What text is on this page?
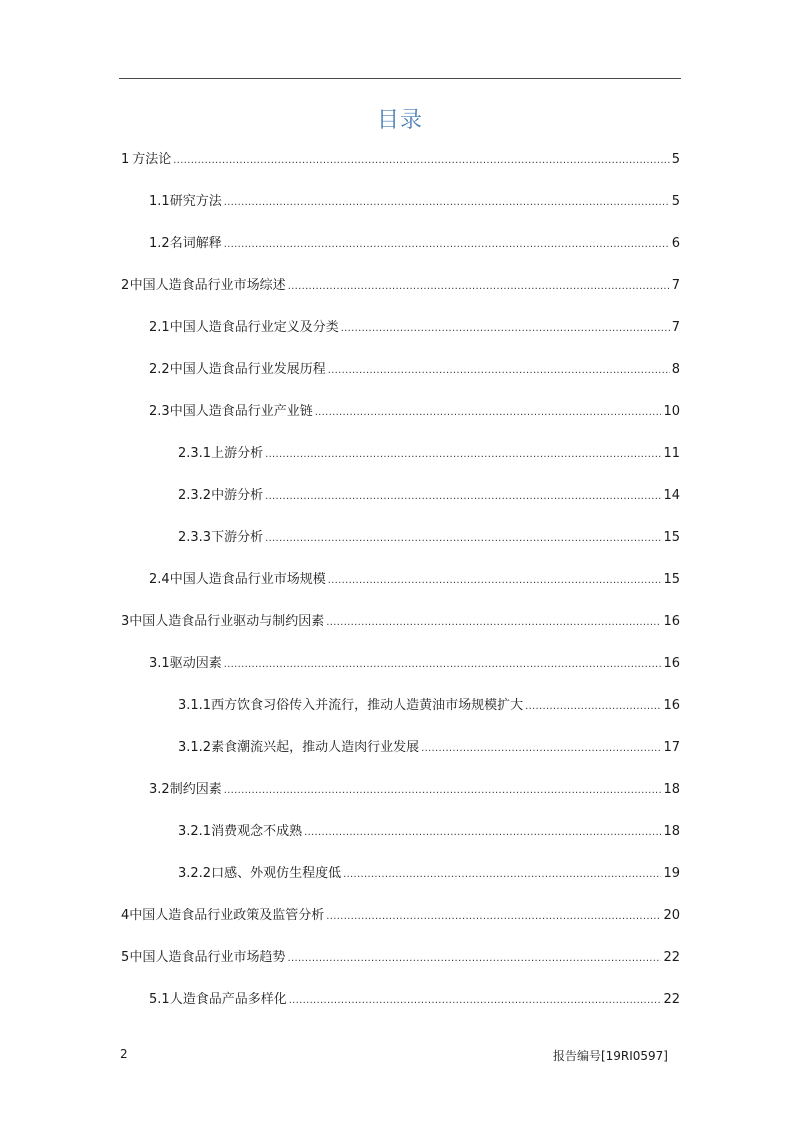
目录
1 方法论 .....	5
1.1 研究方法 .....	5
1.2 名词解释 .....	6
2 中国人造食品行业市场综述 .....	7
2.1 中国人造食品行业定义及分类 .....	7
2.2 中国人造食品行业发展历程 .....	8
2.3 中国人造食品行业产业链 .....	10
2.3.1 上游分析 .....	11
2.3.2 中游分析 .....	14
2.3.3 下游分析 .....	15
2.4 中国人造食品行业市场规模 .....	15
3 中国人造食品行业驱动与制约因素 .....	16
3.1 驱动因素 .....	16
3.1.1 西方饮食习俗传入并流行，推动人造黄油市场规模扩大 .....	16
3.1.2 素食潮流兴起，推动人造肉行业发展 .....	17
3.2 制约因素 .....	18
3.2.1 消费观念不成熟 .....	18
3.2.2 口感、外观仿生程度低 .....	19
4 中国人造食品行业政策及监管分析 .....	20
5 中国人造食品行业市场趋势 .....	22
5.1 人造食品产品多样化 .....	22
2	报告编号[19RI0597]
